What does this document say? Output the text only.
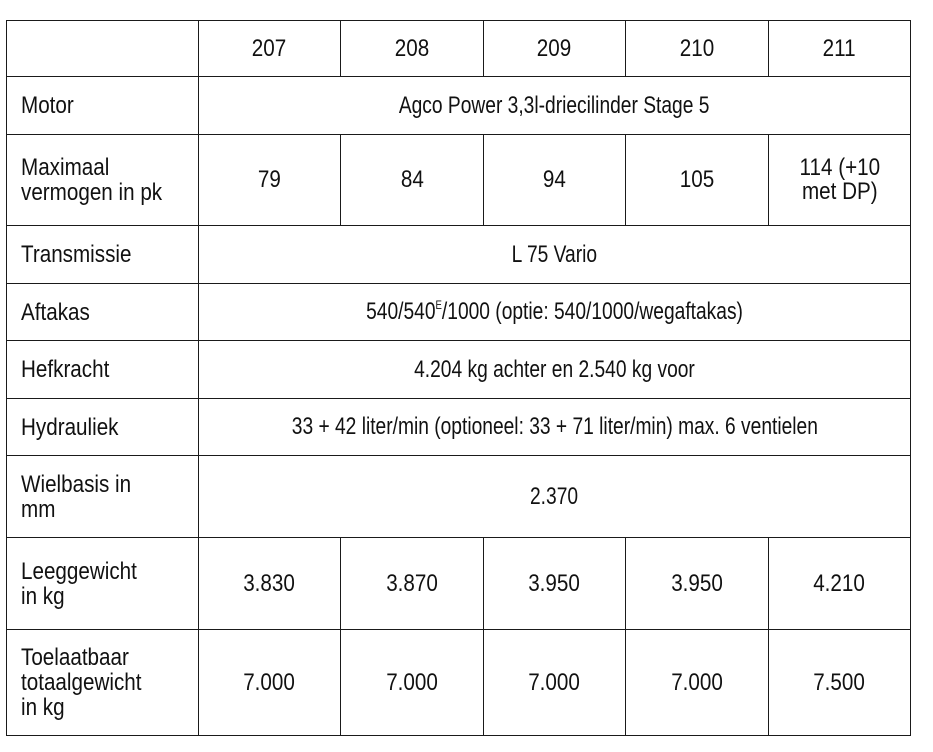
	207	208	209	210	211
Motor	Agco Power 3,3l-driecilinder Stage 5				
Maximaal
vermogen in pk	79	84	94	105	114 (+10
met DP)
Transmissie	L 75 Vario				
Aftakas	$540/540^E/1000$ (optie: 540/1000/wegaftakas)				
Hefkracht	4.204 kg achter en 2.540 kg voor				
Hydrauliek	33 + 42 liter/min (optioneel: 33 + 71 liter/min) max. 6 ventielen				
Wielbasis in
mm	2.370				
Leeggewicht
in kg	3.830	3.870	3.950	3.950	4.210
Toelaatbaar
totaalgewicht
in kg	7.000	7.000	7.000	7.000	7.500
